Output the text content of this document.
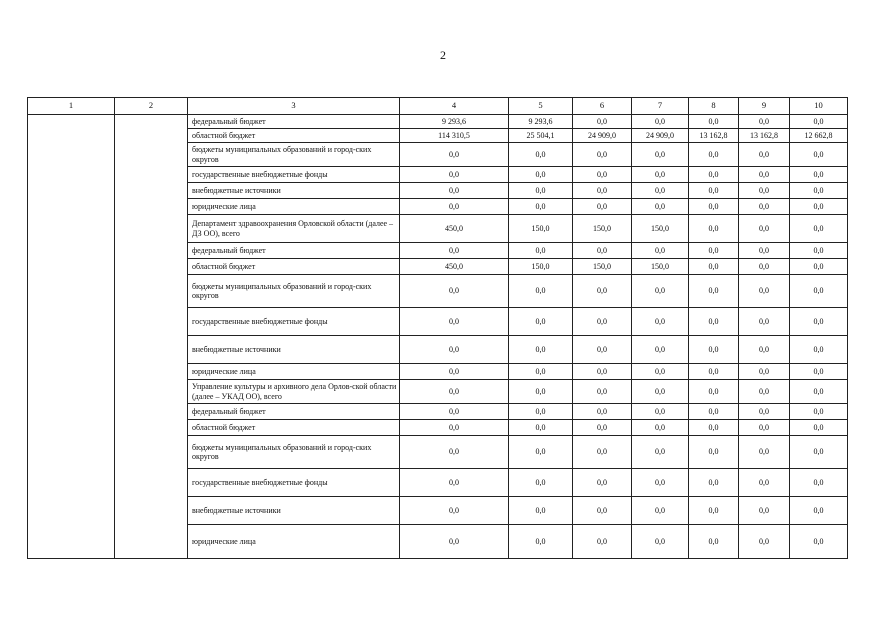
2
1	2	3	4	5	6	7	8	9	10
		федеральный бюджет	9 293,6	9 293,6	0,0	0,0	0,0	0,0	0,0
		областной бюджет	114 310,5	25 504,1	24 909,0	24 909,0	13 162,8	13 162,8	12 662,8
		бюджеты муниципальных образований и город-ских округов	0,0	0,0	0,0	0,0	0,0	0,0	0,0
		государственные внебюджетные фонды	0,0	0,0	0,0	0,0	0,0	0,0	0,0
		внебюджетные источники	0,0	0,0	0,0	0,0	0,0	0,0	0,0
		юридические лица	0,0	0,0	0,0	0,0	0,0	0,0	0,0
		Департамент здравоохранения Орловской области (далее – ДЗ ОО), всего	450,0	150,0	150,0	150,0	0,0	0,0	0,0
		федеральный бюджет	0,0	0,0	0,0	0,0	0,0	0,0	0,0
		областной бюджет	450,0	150,0	150,0	150,0	0,0	0,0	0,0
		бюджеты муниципальных образований и город-ских округов	0,0	0,0	0,0	0,0	0,0	0,0	0,0
		государственные внебюджетные фонды	0,0	0,0	0,0	0,0	0,0	0,0	0,0
		внебюджетные источники	0,0	0,0	0,0	0,0	0,0	0,0	0,0
		юридические лица	0,0	0,0	0,0	0,0	0,0	0,0	0,0
		Управление культуры и архивного дела Орлов-ской области (далее – УКАД ОО), всего	0,0	0,0	0,0	0,0	0,0	0,0	0,0
		федеральный бюджет	0,0	0,0	0,0	0,0	0,0	0,0	0,0
		областной бюджет	0,0	0,0	0,0	0,0	0,0	0,0	0,0
		бюджеты муниципальных образований и город-ских округов	0,0	0,0	0,0	0,0	0,0	0,0	0,0
		государственные внебюджетные фонды	0,0	0,0	0,0	0,0	0,0	0,0	0,0
		внебюджетные источники	0,0	0,0	0,0	0,0	0,0	0,0	0,0
		юридические лица	0,0	0,0	0,0	0,0	0,0	0,0	0,0
